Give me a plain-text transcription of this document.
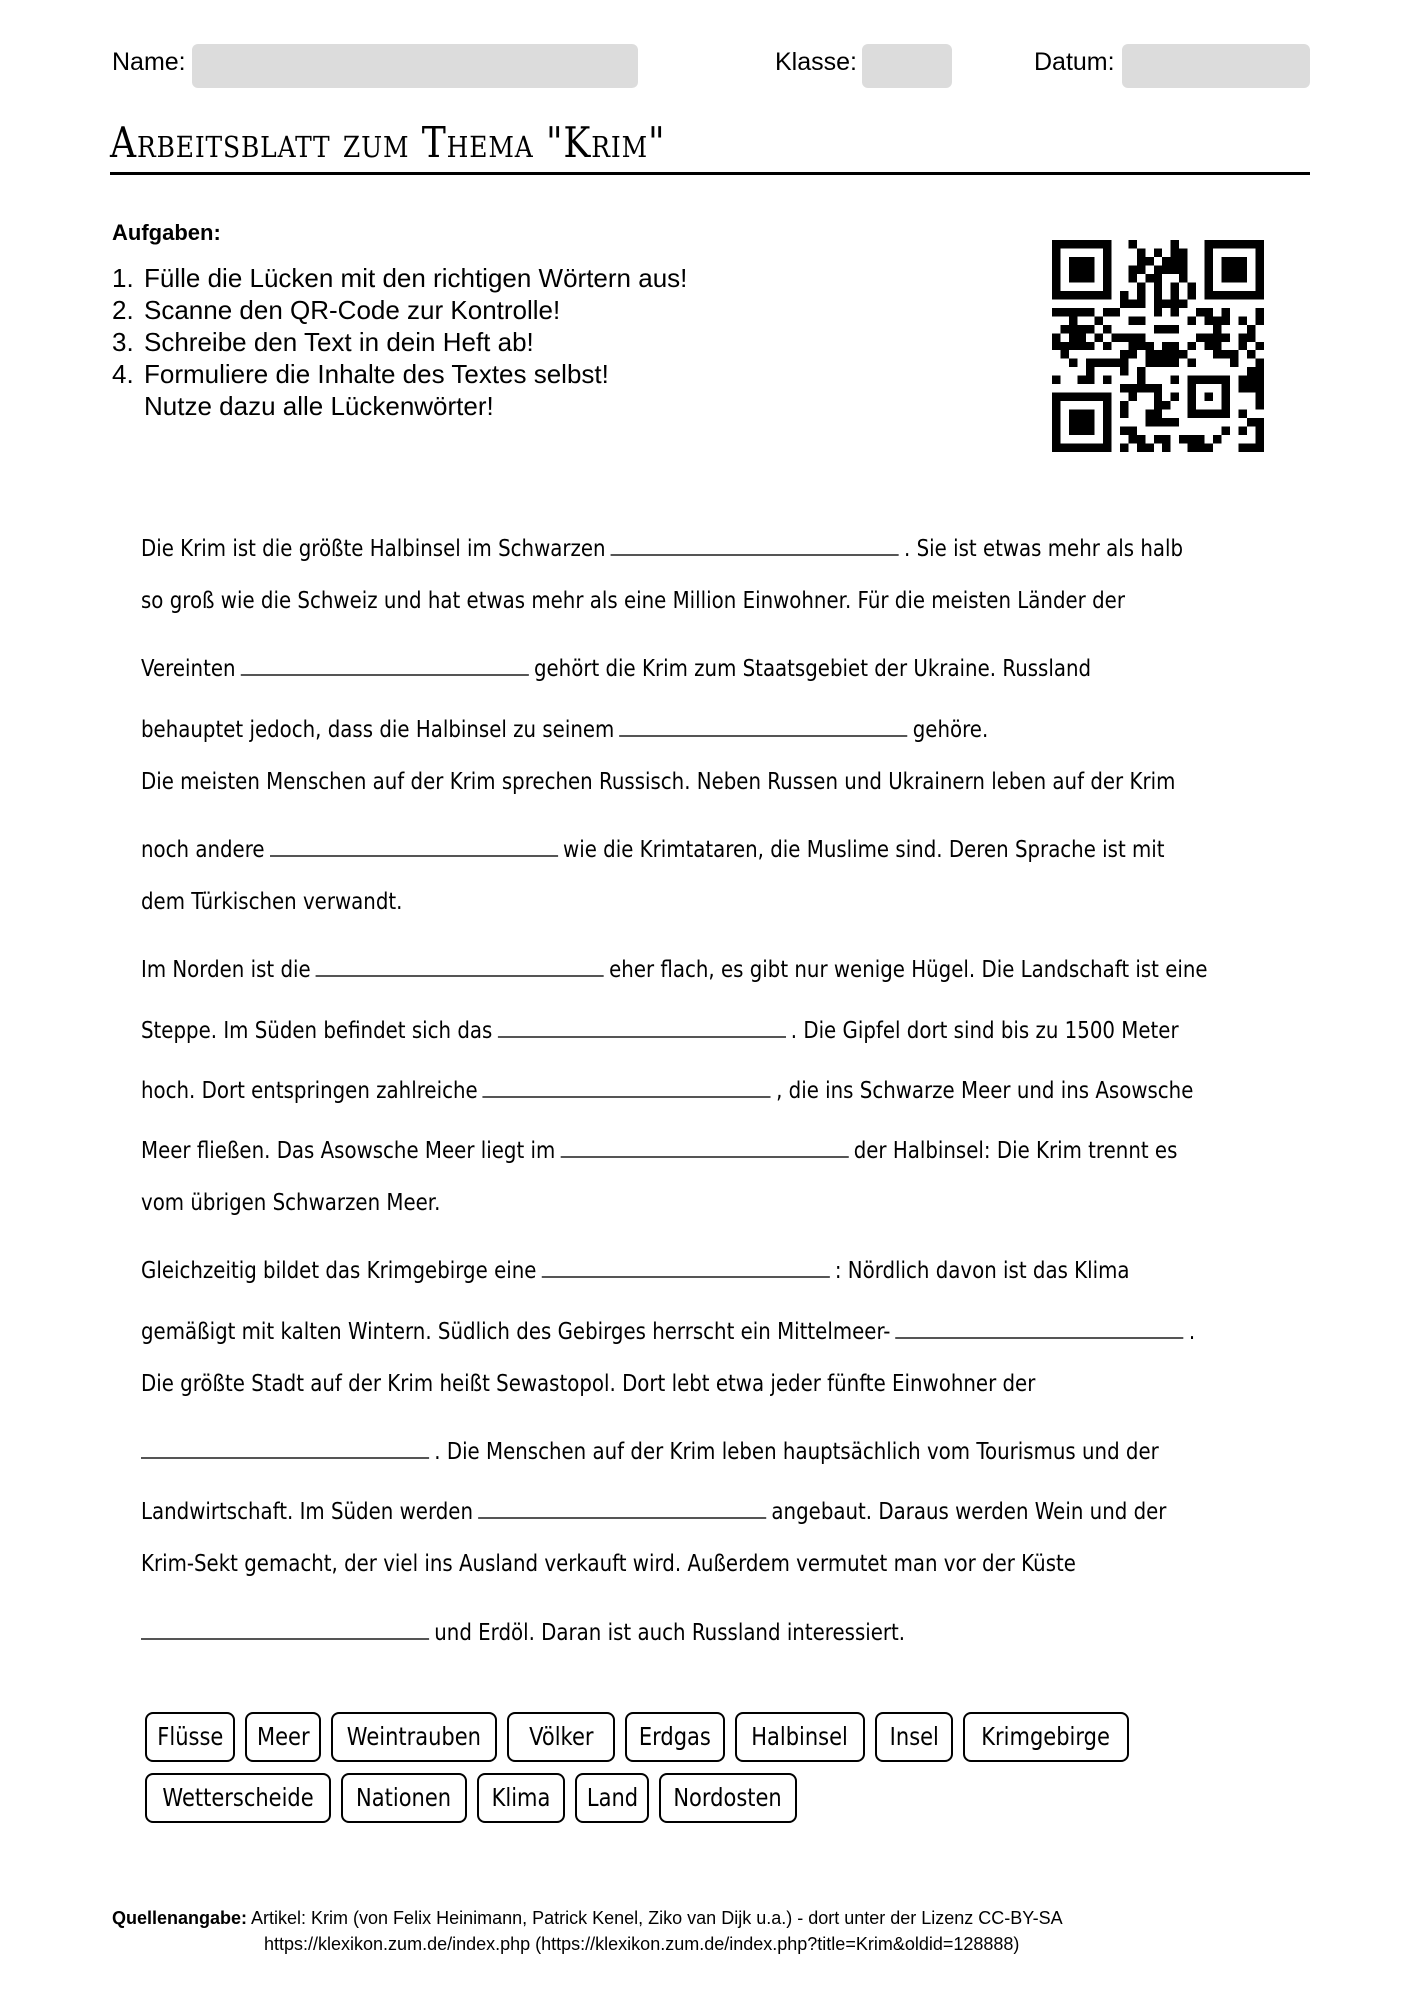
Name:	Klasse:	Datum:
Arbeitsblatt zum Thema "Krim"
Aufgaben:
1. Fülle die Lücken mit den richtigen Wörtern aus!
2. Scanne den QR-Code zur Kontrolle!
3. Schreibe den Text in dein Heft ab!
4. Formuliere die Inhalte des Textes selbst!
Nutze dazu alle Lückenwörter!
Die Krim ist die größte Halbinsel im Schwarzen	. Sie ist etwas mehr als halb
so groß wie die Schweiz und hat etwas mehr als eine Million Einwohner. Für die meisten Länder der
Vereinten	gehört die Krim zum Staatsgebiet der Ukraine. Russland
behauptet jedoch, dass die Halbinsel zu seinem	gehöre.
Die meisten Menschen auf der Krim sprechen Russisch. Neben Russen und Ukrainern leben auf der Krim
noch andere	wie die Krimtataren, die Muslime sind. Deren Sprache ist mit
dem Türkischen verwandt.
Im Norden ist die	eher flach, es gibt nur wenige Hügel. Die Landschaft ist eine
Steppe. Im Süden befindet sich das	. Die Gipfel dort sind bis zu 1500 Meter
hoch. Dort entspringen zahlreiche	, die ins Schwarze Meer und ins Asowsche
Meer fließen. Das Asowsche Meer liegt im	der Halbinsel: Die Krim trennt es
vom übrigen Schwarzen Meer.
Gleichzeitig bildet das Krimgebirge eine	: Nördlich davon ist das Klima
gemäßigt mit kalten Wintern. Südlich des Gebirges herrscht ein Mittelmeer-	.
Die größte Stadt auf der Krim heißt Sewastopol. Dort lebt etwa jeder fünfte Einwohner der
. Die Menschen auf der Krim leben hauptsächlich vom Tourismus und der
Landwirtschaft. Im Süden werden	angebaut. Daraus werden Wein und der
Krim-Sekt gemacht, der viel ins Ausland verkauft wird. Außerdem vermutet man vor der Küste
und Erdöl. Daran ist auch Russland interessiert.
Flüsse	Meer	Weintrauben	Völker	Erdgas	Halbinsel	Insel	Krimgebirge
Wetterscheide	Nationen	Klima	Land	Nordosten
Quellenangabe: Artikel: Krim (von Felix Heinimann, Patrick Kenel, Ziko van Dijk u.a.) - dort unter der Lizenz CC-BY-SA
https://klexikon.zum.de/index.php (https://klexikon.zum.de/index.php?title=Krim&oldid=128888)
